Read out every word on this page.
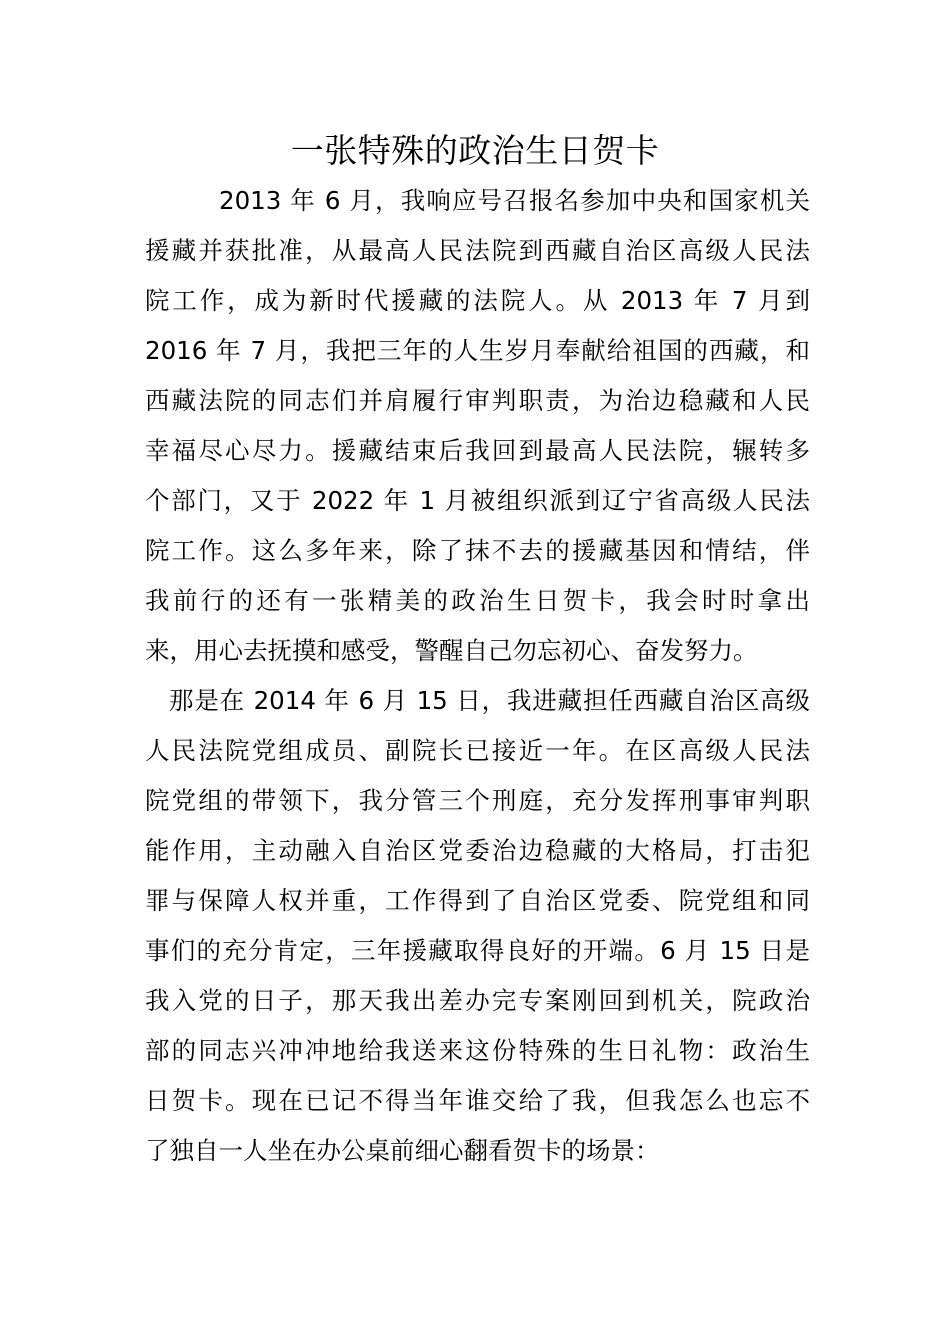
一张特殊的政治生日贺卡

2013 年 6 月，我响应号召报名参加中央和国家机关

援藏并获批准，从最高人民法院到西藏自治区高级人民法

院工作，成为新时代援藏的法院人。从 2013 年 7 月到

2016 年 7 月，我把三年的人生岁月奉献给祖国的西藏，和

西藏法院的同志们并肩履行审判职责，为治边稳藏和人民

幸福尽心尽力。援藏结束后我回到最高人民法院，辗转多

个部门，又于 2022 年 1 月被组织派到辽宁省高级人民法

院工作。这么多年来，除了抹不去的援藏基因和情结，伴

我前行的还有一张精美的政治生日贺卡，我会时时拿出

来，用心去抚摸和感受，警醒自己勿忘初心、奋发努力。

那是在 2014 年 6 月 15 日，我进藏担任西藏自治区高级

人民法院党组成员、副院长已接近一年。在区高级人民法

院党组的带领下，我分管三个刑庭，充分发挥刑事审判职

能作用，主动融入自治区党委治边稳藏的大格局，打击犯

罪与保障人权并重，工作得到了自治区党委、院党组和同

事们的充分肯定，三年援藏取得良好的开端。6 月 15 日是

我入党的日子，那天我出差办完专案刚回到机关，院政治

部的同志兴冲冲地给我送来这份特殊的生日礼物：政治生

日贺卡。现在已记不得当年谁交给了我，但我怎么也忘不

了独自一人坐在办公桌前细心翻看贺卡的场景：
